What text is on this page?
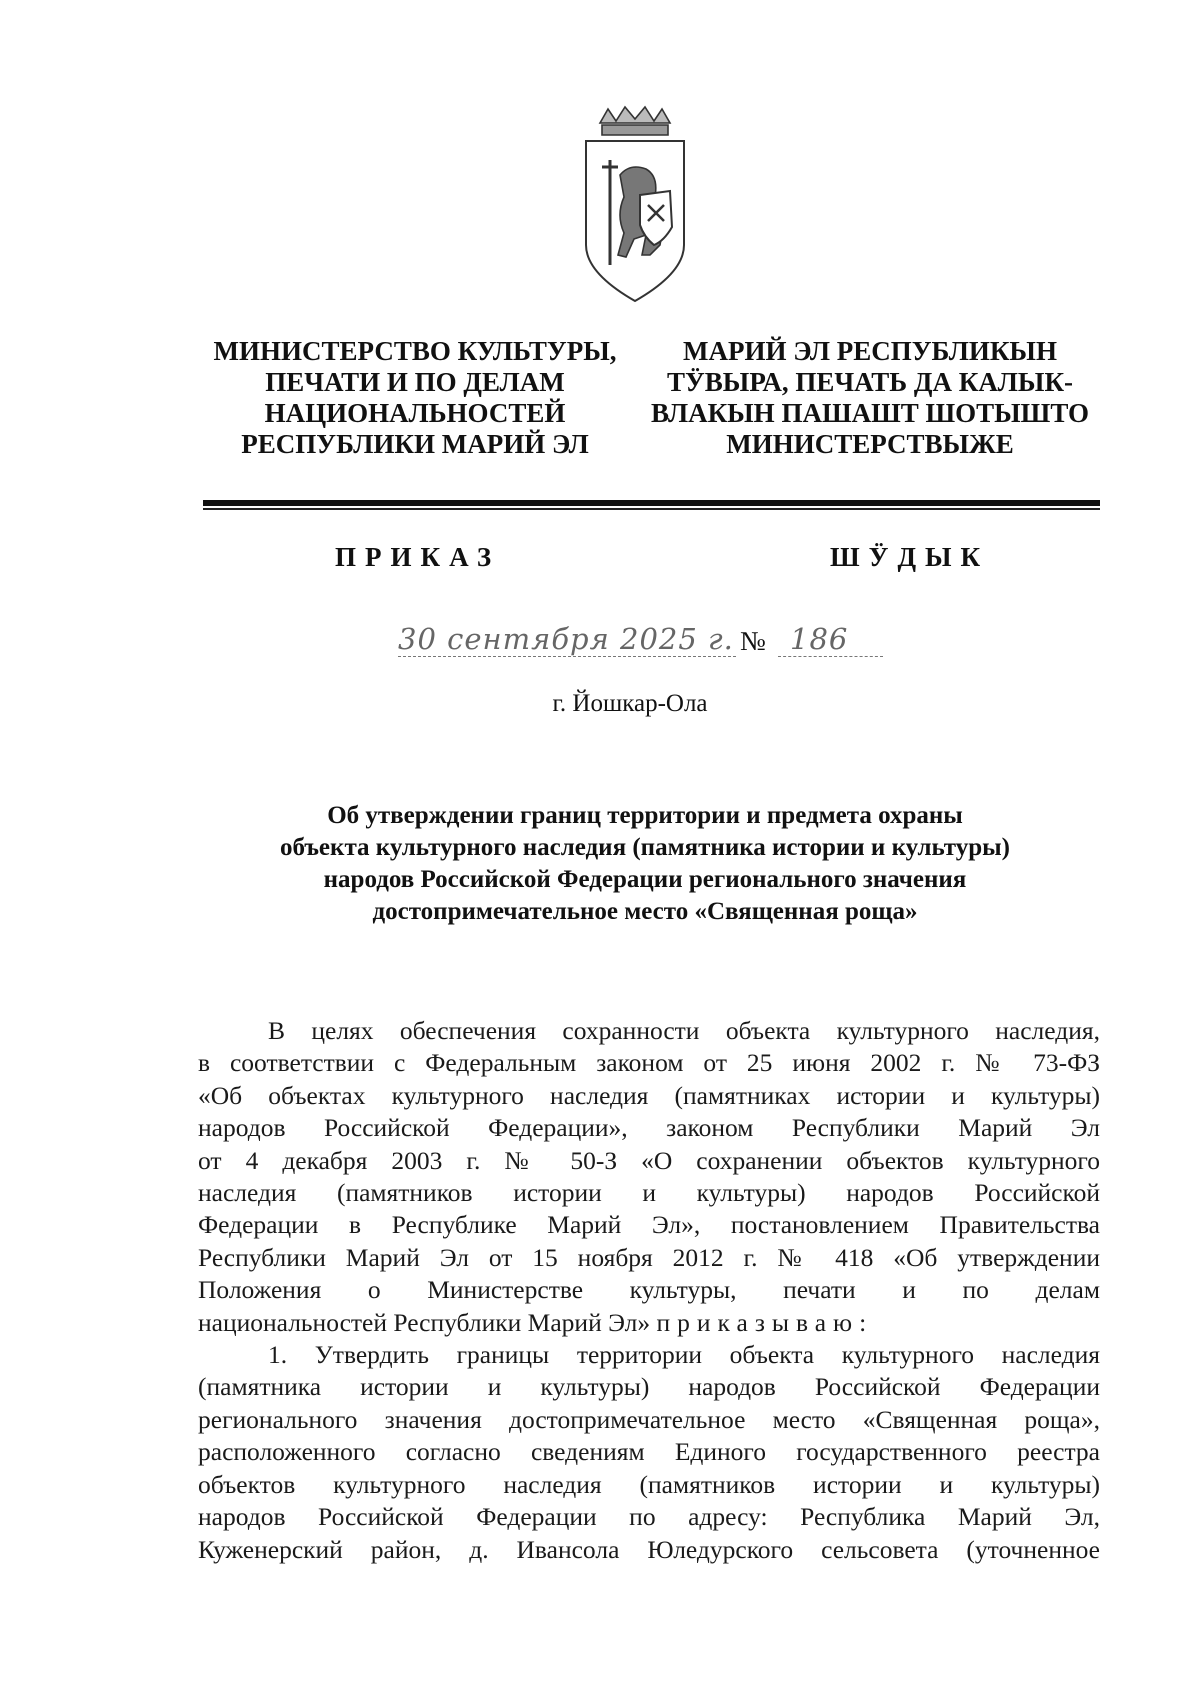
МИНИСТЕРСТВО КУЛЬТУРЫ,
ПЕЧАТИ И ПО ДЕЛАМ
НАЦИОНАЛЬНОСТЕЙ
РЕСПУБЛИКИ МАРИЙ ЭЛ
МАРИЙ ЭЛ РЕСПУБЛИКЫН
ТӰВЫРА, ПЕЧАТЬ ДА КАЛЫК-
ВЛАКЫН ПАШАШТ ШОТЫШТО
МИНИСТЕРСТВЫЖЕ
ПРИКАЗ	ШӰДЫК
30 сентября 2025 г. № 186
г. Йошкар-Ола
Об утверждении границ территории и предмета охраны
объекта культурного наследия (памятника истории и культуры)
народов Российской Федерации регионального значения
достопримечательное место «Священная роща»
В целях обеспечения сохранности объекта культурного наследия,
в соответствии с Федеральным законом от 25 июня 2002 г. № 73-ФЗ
«Об объектах культурного наследия (памятниках истории и культуры)
народов Российской Федерации», законом Республики Марий Эл
от 4 декабря 2003 г. № 50-З «О сохранении объектов культурного
наследия (памятников истории и культуры) народов Российской
Федерации в Республике Марий Эл», постановлением Правительства
Республики Марий Эл от 15 ноября 2012 г. № 418 «Об утверждении
Положения о Министерстве культуры, печати и по делам
национальностей Республики Марий Эл» приказываю:
1. Утвердить границы территории объекта культурного наследия
(памятника истории и культуры) народов Российской Федерации
регионального значения достопримечательное место «Священная роща»,
расположенного согласно сведениям Единого государственного реестра
объектов культурного наследия (памятников истории и культуры)
народов Российской Федерации по адресу: Республика Марий Эл,
Куженерский район, д. Ивансола Юледурского сельсовета (уточненное
